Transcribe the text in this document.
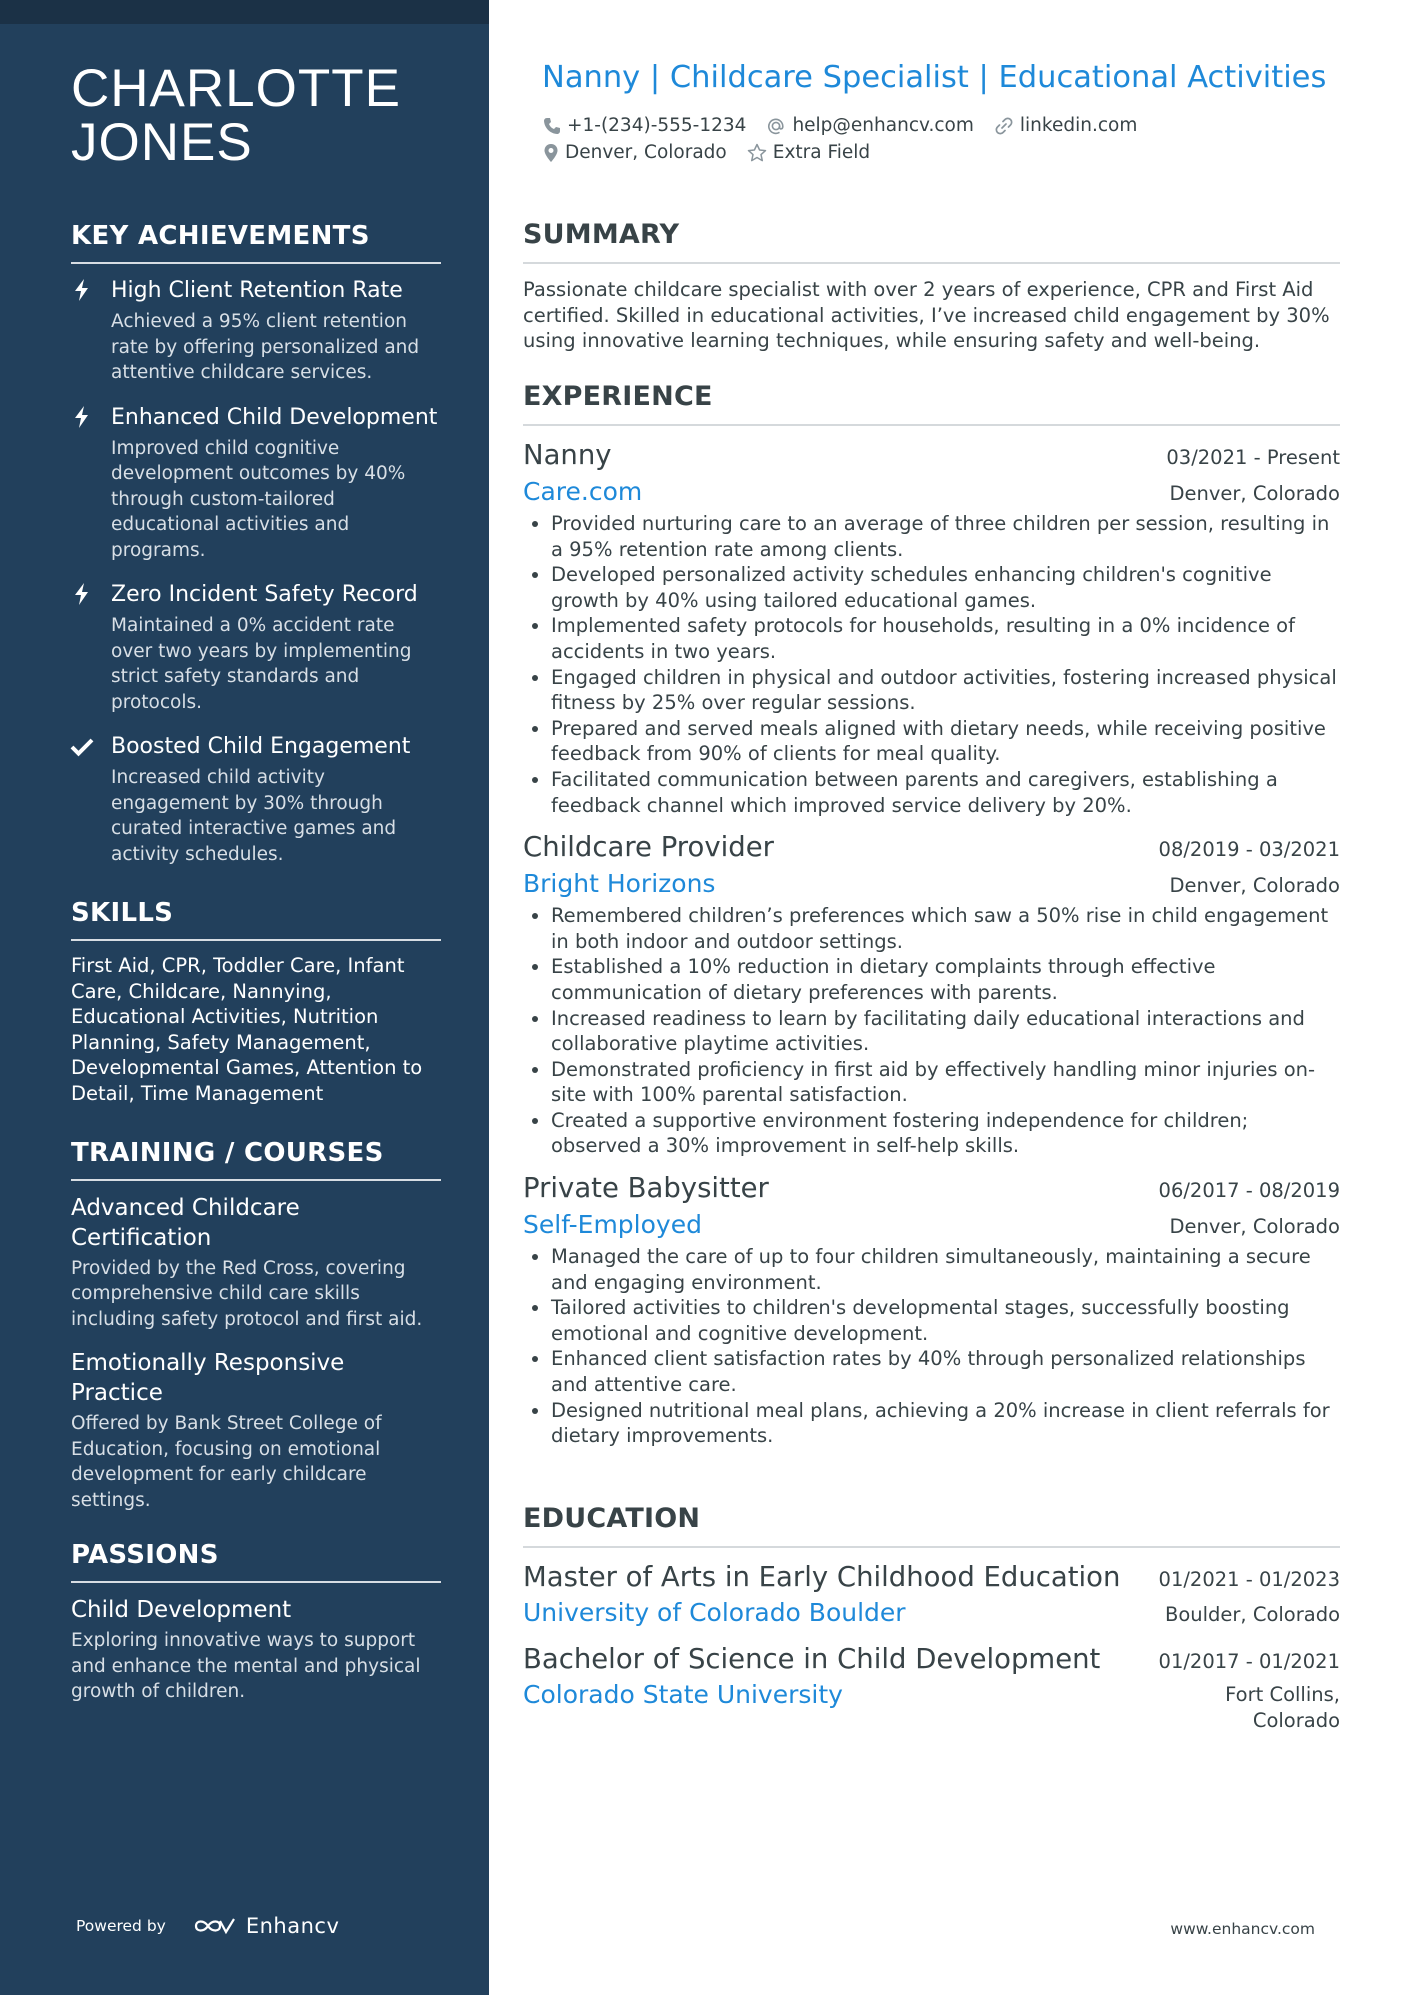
CHARLOTTE
JONES
KEY ACHIEVEMENTS
High Client Retention Rate
Achieved a 95% client retention rate by offering personalized and attentive childcare services.
Enhanced Child Development
Improved child cognitive development outcomes by 40% through custom-tailored educational activities and programs.
Zero Incident Safety Record
Maintained a 0% accident rate over two years by implementing strict safety standards and protocols.
Boosted Child Engagement
Increased child activity engagement by 30% through curated interactive games and activity schedules.
SKILLS

First Aid, CPR, Toddler Care, Infant Care, Childcare, Nannying, Educational Activities, Nutrition Planning, Safety Management, Developmental Games, Attention to Detail, Time Management

TRAINING / COURSES
Advanced Childcare Certification
Provided by the Red Cross, covering comprehensive child care skills including safety protocol and first aid.
Emotionally Responsive Practice
Offered by Bank Street College of Education, focusing on emotional development for early childcare settings.
PASSIONS
Child Development
Exploring innovative ways to support and enhance the mental and physical growth of children.
Powered by	Enhancv
Nanny | Childcare Specialist | Educational Activities
+1-(234)-555-1234 help@enhancv.com linkedin.com
Denver, Colorado Extra Field
SUMMARY

Passionate childcare specialist with over 2 years of experience, CPR and First Aid certified. Skilled in educational activities, I’ve increased child engagement by 30% using innovative learning techniques, while ensuring safety and well-being.

EXPERIENCE
Nanny	03/2021 - Present
Care.com	Denver, Colorado
Provided nurturing care to an average of three children per session, resulting in a 95% retention rate among clients.
Developed personalized activity schedules enhancing children's cognitive growth by 40% using tailored educational games.
Implemented safety protocols for households, resulting in a 0% incidence of accidents in two years.
Engaged children in physical and outdoor activities, fostering increased physical fitness by 25% over regular sessions.
Prepared and served meals aligned with dietary needs, while receiving positive feedback from 90% of clients for meal quality.
Facilitated communication between parents and caregivers, establishing a feedback channel which improved service delivery by 20%.
Childcare Provider	08/2019 - 03/2021
Bright Horizons	Denver, Colorado
Remembered children’s preferences which saw a 50% rise in child engagement in both indoor and outdoor settings.
Established a 10% reduction in dietary complaints through effective communication of dietary preferences with parents.
Increased readiness to learn by facilitating daily educational interactions and collaborative playtime activities.
Demonstrated proficiency in first aid by effectively handling minor injuries on-site with 100% parental satisfaction.
Created a supportive environment fostering independence for children; observed a 30% improvement in self-help skills.
Private Babysitter	06/2017 - 08/2019
Self-Employed	Denver, Colorado
Managed the care of up to four children simultaneously, maintaining a secure and engaging environment.
Tailored activities to children's developmental stages, successfully boosting emotional and cognitive development.
Enhanced client satisfaction rates by 40% through personalized relationships and attentive care.
Designed nutritional meal plans, achieving a 20% increase in client referrals for dietary improvements.
EDUCATION
Master of Arts in Early Childhood Education 01/2021 - 01/2023
University of Colorado Boulder	Boulder, Colorado
Bachelor of Science in Child Development	01/2017 - 01/2021
Colorado State University	Fort Collins, Colorado
www.enhancv.com
